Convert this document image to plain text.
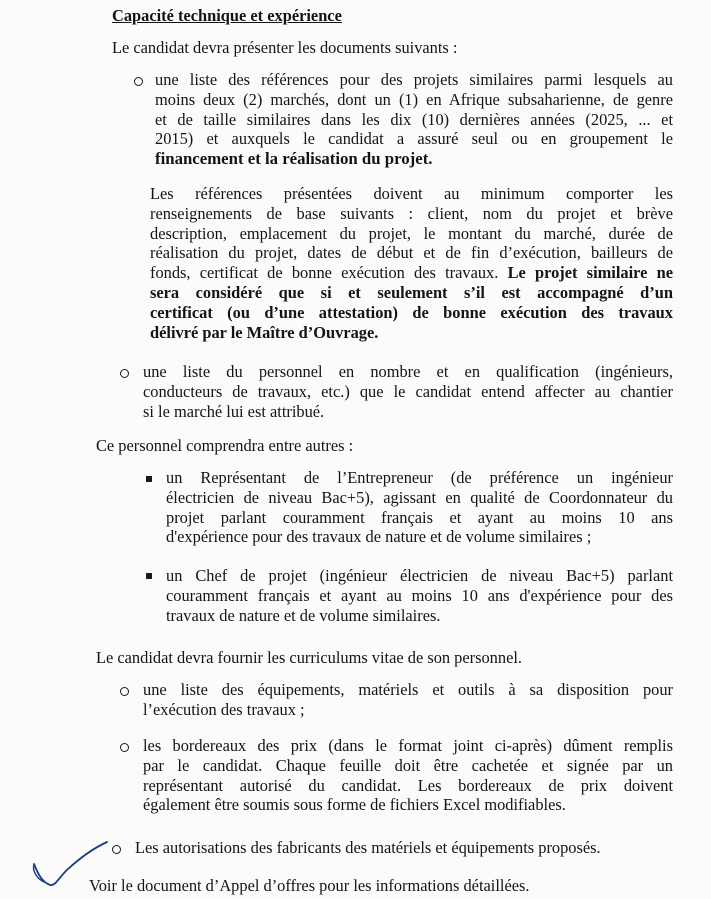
Capacité technique et expérience
Le candidat devra présenter les documents suivants :
une liste des références pour des projets similaires parmi lesquels au
moins deux (2) marchés, dont un (1) en Afrique subsaharienne, de genre
et de taille similaires dans les dix (10) dernières années (2025, ... et
2015) et auxquels le candidat a assuré seul ou en groupement le
financement et la réalisation du projet.
Les références présentées doivent au minimum comporter les
renseignements de base suivants : client, nom du projet et brève
description, emplacement du projet, le montant du marché, durée de
réalisation du projet, dates de début et de fin d’exécution, bailleurs de
fonds, certificat de bonne exécution des travaux. Le projet similaire ne
sera considéré que si et seulement s’il est accompagné d’un
certificat (ou d’une attestation) de bonne exécution des travaux
délivré par le Maître d’Ouvrage.
une liste du personnel en nombre et en qualification (ingénieurs,
conducteurs de travaux, etc.) que le candidat entend affecter au chantier
si le marché lui est attribué.
Ce personnel comprendra entre autres :
un Représentant de l’Entrepreneur (de préférence un ingénieur
électricien de niveau Bac+5), agissant en qualité de Coordonnateur du
projet parlant couramment français et ayant au moins 10 ans
d'expérience pour des travaux de nature et de volume similaires ;
un Chef de projet (ingénieur électricien de niveau Bac+5) parlant
couramment français et ayant au moins 10 ans d'expérience pour des
travaux de nature et de volume similaires.
Le candidat devra fournir les curriculums vitae de son personnel.
une liste des équipements, matériels et outils à sa disposition pour
l’exécution des travaux ;
les bordereaux des prix (dans le format joint ci-après) dûment remplis
par le candidat. Chaque feuille doit être cachetée et signée par un
représentant autorisé du candidat. Les bordereaux de prix doivent
également être soumis sous forme de fichiers Excel modifiables.
Les autorisations des fabricants des matériels et équipements proposés.
Voir le document d’Appel d’offres pour les informations détaillées.
